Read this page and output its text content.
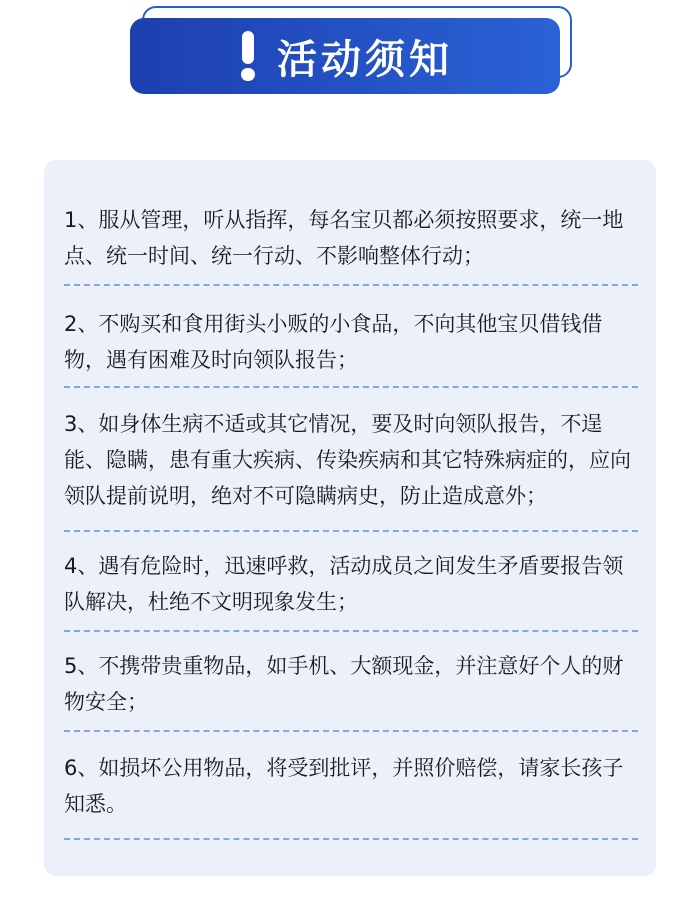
活动须知
1、服从管理，听从指挥，每名宝贝都必须按照要求，统一地点、统一时间、统一行动、不影响整体行动；
2、不购买和食用街头小贩的小食品，不向其他宝贝借钱借物，遇有困难及时向领队报告；
3、如身体生病不适或其它情况，要及时向领队报告，不逞能、隐瞒，患有重大疾病、传染疾病和其它特殊病症的，应向领队提前说明，绝对不可隐瞒病史，防止造成意外；
4、遇有危险时，迅速呼救，活动成员之间发生矛盾要报告领队解决，杜绝不文明现象发生；
5、不携带贵重物品，如手机、大额现金，并注意好个人的财物安全；
6、如损坏公用物品，将受到批评，并照价赔偿，请家长孩子知悉。
